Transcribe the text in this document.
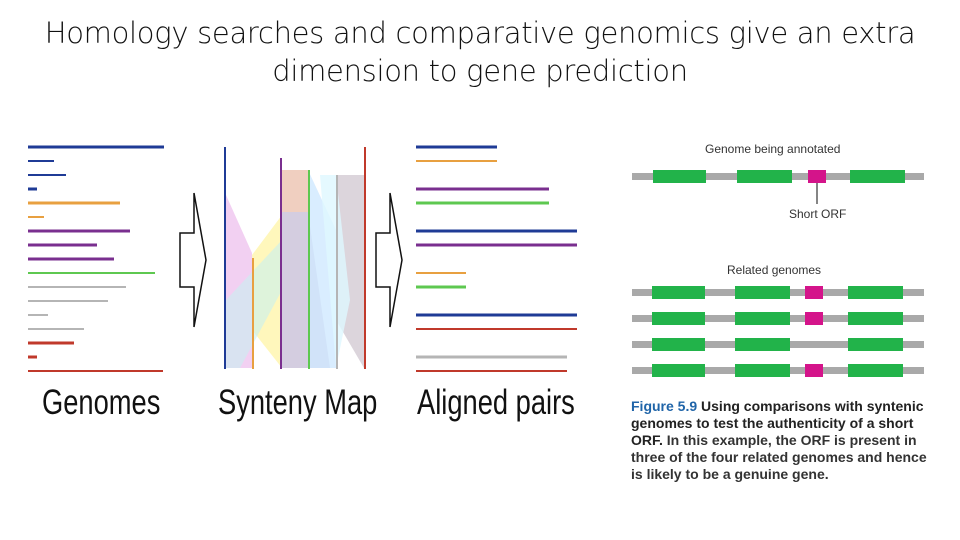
Homology searches and comparative genomics give an extra
dimension to gene prediction
Genomes Synteny Map Aligned pairs
Genome being annotated
Short ORF
Related genomes
Figure 5.9 Using comparisons with syntenic genomes to test the authenticity of a short ORF. In this example, the ORF is present in three of the four related genomes and hence is likely to be a genuine gene.
